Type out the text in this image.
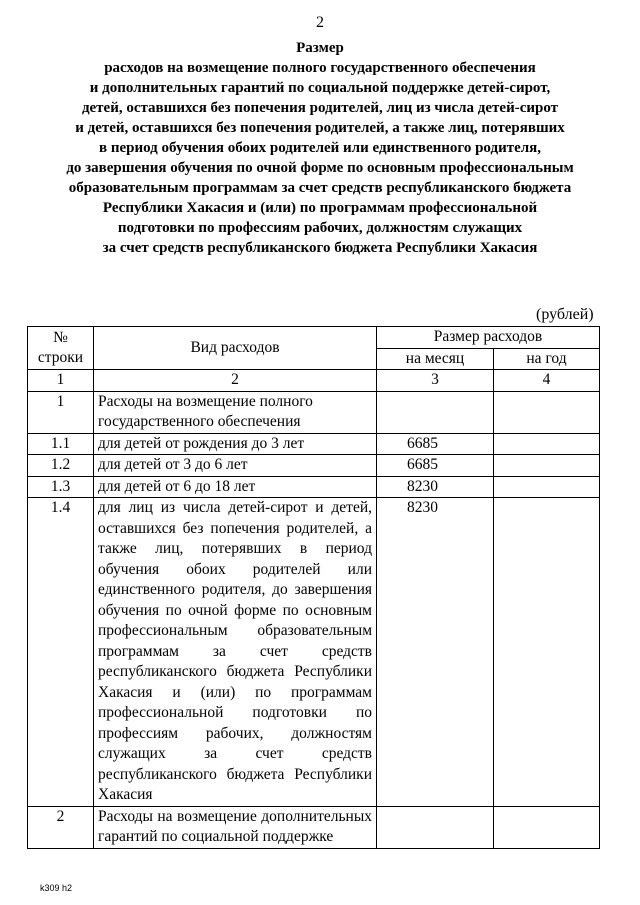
2
Размер
расходов на возмещение полного государственного обеспечения
и дополнительных гарантий по социальной поддержке детей-сирот,
детей, оставшихся без попечения родителей, лиц из числа детей-сирот
и детей, оставшихся без попечения родителей, а также лиц, потерявших
в период обучения обоих родителей или единственного родителя,
до завершения обучения по очной форме по основным профессиональным
образовательным программам за счет средств республиканского бюджета
Республики Хакасия и (или) по программам профессиональной
подготовки по профессиям рабочих, должностям служащих
за счет средств республиканского бюджета Республики Хакасия
(рублей)
№
строки	Вид расходов	Размер расходов	
		на месяц	на год
1	2	3	4
1	Расходы на возмещение полного государственного обеспечения		
1.1	для детей от рождения до 3 лет	6685	
1.2	для детей от 3 до 6 лет	6685	
1.3	для детей от 6 до 18 лет	8230	
1.4	для лиц из числа детей-сирот и детей, оставшихся без попечения родителей, а также лиц, потерявших в период обучения обоих родителей или единственного родителя, до завершения обучения по очной форме по основным профессиональным образовательным программам за счет средств республиканского бюджета Республики Хакасия и (или) по программам профессиональной подготовки по профессиям рабочих, должностям служащих за счет средств республиканского бюджета Республики Хакасия	8230	
2	Расходы на возмещение дополнительных гарантий по социальной поддержке		
k309 h2
